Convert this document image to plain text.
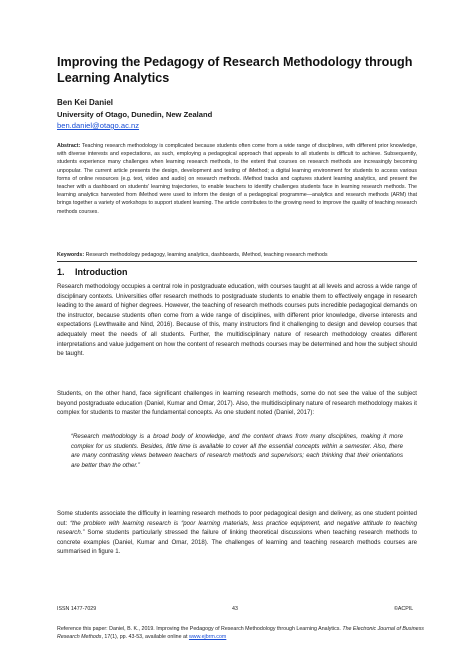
Improving the Pedagogy of Research Methodology through Learning Analytics
Ben Kei Daniel
University of Otago, Dunedin, New Zealand
ben.daniel@otago.ac.nz

Abstract: Teaching research methodology is complicated because students often come from a wide range of disciplines, with different prior knowledge, with diverse interests and expectations, as such, employing a pedagogical approach that appeals to all students is difficult to achieve. Subsequently, students experience many challenges when learning research methods, to the extent that courses on research methods are increasingly becoming unpopular. The current article presents the design, development and testing of iMethod; a digital learning environment for students to access various forms of online resources (e.g. text, video and audio) on research methods. iMethod tracks and captures student learning analytics, and present the teacher with a dashboard on students' learning trajectories, to enable teachers to identify challenges students face in learning research methods. The learning analytics harvested from iMethod were used to inform the design of a pedagogical programme—analytics and research methods (ARM) that brings together a variety of workshops to support student learning. The article contributes to the growing need to improve the quality of teaching research methods courses.

Keywords: Research methodology pedagogy, learning analytics, dashboards, iMethod, teaching research methods

1. Introduction

Research methodology occupies a central role in postgraduate education, with courses taught at all levels and across a wide range of disciplinary contexts. Universities offer research methods to postgraduate students to enable them to effectively engage in research leading to the award of higher degrees. However, the teaching of research methods courses puts incredible pedagogical demands on the instructor, because students often come from a wide range of disciplines, with different prior knowledge, diverse interests and expectations (Lewthwaite and Nind, 2016). Because of this, many instructors find it challenging to design and develop courses that adequately meet the needs of all students. Further, the multidisciplinary nature of research methodology creates different interpretations and value judgement on how the content of research methods courses may be determined and how the subject should be taught.

Students, on the other hand, face significant challenges in learning research methods, some do not see the value of the subject beyond postgraduate education (Daniel, Kumar and Omar, 2017). Also, the multidisciplinary nature of research methodology makes it complex for students to master the fundamental concepts. As one student noted (Daniel, 2017):

“Research methodology is a broad body of knowledge, and the content draws from many disciplines, making it more complex for us students. Besides, little time is available to cover all the essential concepts within a semester. Also, there are many contrasting views between teachers of research methods and supervisors; each thinking that their orientations are better than the other.”

Some students associate the difficulty in learning research methods to poor pedagogical design and delivery, as one student pointed out: “the problem with learning research is “poor learning materials, less practice equipment, and negative attitude to teaching research.” Some students particularly stressed the failure of linking theoretical discussions when teaching research methods to concrete examples (Daniel, Kumar and Omar, 2018). The challenges of learning and teaching research methods courses are summarised in figure 1.

ISSN 1477-7029	43	©ACPIL

Reference this paper: Daniel, B. K., 2019. Improving the Pedagogy of Research Methodology through Learning Analytics. The Electronic Journal of Business Research Methods, 17(1), pp. 43-53, available online at www.ejbrm.com
